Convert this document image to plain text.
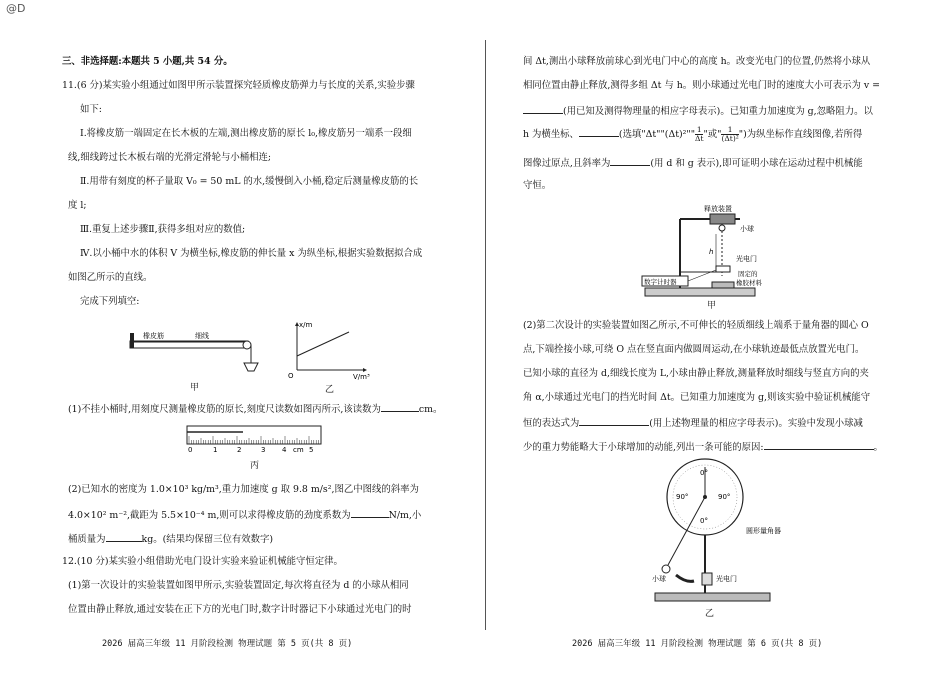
@D
三、非选择题:本题共 5 小题,共 54 分。
11.(6 分)某实验小组通过如图甲所示装置探究轻质橡皮筋弹力与长度的关系,实验步骤
如下:
Ⅰ.将橡皮筋一端固定在长木板的左端,测出橡皮筋的原长 l₀,橡皮筋另一端系一段细
线,细线跨过长木板右端的光滑定滑轮与小桶相连;
Ⅱ.用带有刻度的杯子量取 V₀ = 50 mL 的水,缓慢倒入小桶,稳定后测量橡皮筋的长
度 l;
Ⅲ.重复上述步骤Ⅱ,获得多组对应的数值;
Ⅳ.以小桶中水的体积 V 为横坐标,橡皮筋的伸长量 x 为纵坐标,根据实验数据拟合成
如图乙所示的直线。
完成下列填空:
橡皮筋	细线
甲
x/m
V/m³
O
乙
(1)不挂小桶时,用刻度尺测量橡皮筋的原长,刻度尺读数如图丙所示,该读数为	cm。
0	1	2	3 4 cm 5
丙
(2)已知水的密度为 1.0×10³ kg/m³,重力加速度 g 取 9.8 m/s²,图乙中图线的斜率为
4.0×10² m⁻²,截距为 5.5×10⁻⁴ m,则可以求得橡皮筋的劲度系数为	N/m,小
桶质量为	kg。(结果均保留三位有效数字)
12.(10 分)某实验小组借助光电门设计实验来验证机械能守恒定律。
(1)第一次设计的实验装置如图甲所示,实验装置固定,每次将直径为 d 的小球从相同
位置由静止释放,通过安装在正下方的光电门时,数字计时器记下小球通过光电门的时
2026 届高三年级 11 月阶段检测 物理试题 第 5 页(共 8 页)
间 Δt,测出小球释放前球心到光电门中心的高度 h。改变光电门的位置,仍然将小球从
相同位置由静止释放,测得多组 Δt 与 h。则小球通过光电门时的速度大小可表示为 v =
(用已知及测得物理量的相应字母表示)。已知重力加速度为 g,忽略阻力。以
h 为横坐标、	(选填"Δt""(Δt)²"" $\frac{1}{\Delta t}$"或" $\frac{1}{\text{(Δt)²}}$")为纵坐标作直线图像,若所得
图像过原点,且斜率为	(用 d 和 g 表示),即可证明小球在运动过程中机械能
守恒。
释放装置
小球
h
光电门
数字计时器
固定的
橡胶材料
甲
(2)第二次设计的实验装置如图乙所示,不可伸长的轻质细线上端系于量角器的圆心 O
点,下端拴接小球,可绕 O 点在竖直面内做圆周运动,在小球轨迹最低点放置光电门。
已知小球的直径为 d,细线长度为 L,小球由静止释放,测量释放时细线与竖直方向的夹
角 α,小球通过光电门的挡光时间 Δt。已知重力加速度为 g,则该实验中验证机械能守
恒的表达式为	(用上述物理量的相应字母表示)。实验中发现小球减
少的重力势能略大于小球增加的动能,列出一条可能的原因:	。
0°
90°	90°
0°
圆形量角器
小球	光电门
乙
2026 届高三年级 11 月阶段检测 物理试题 第 6 页(共 8 页)
